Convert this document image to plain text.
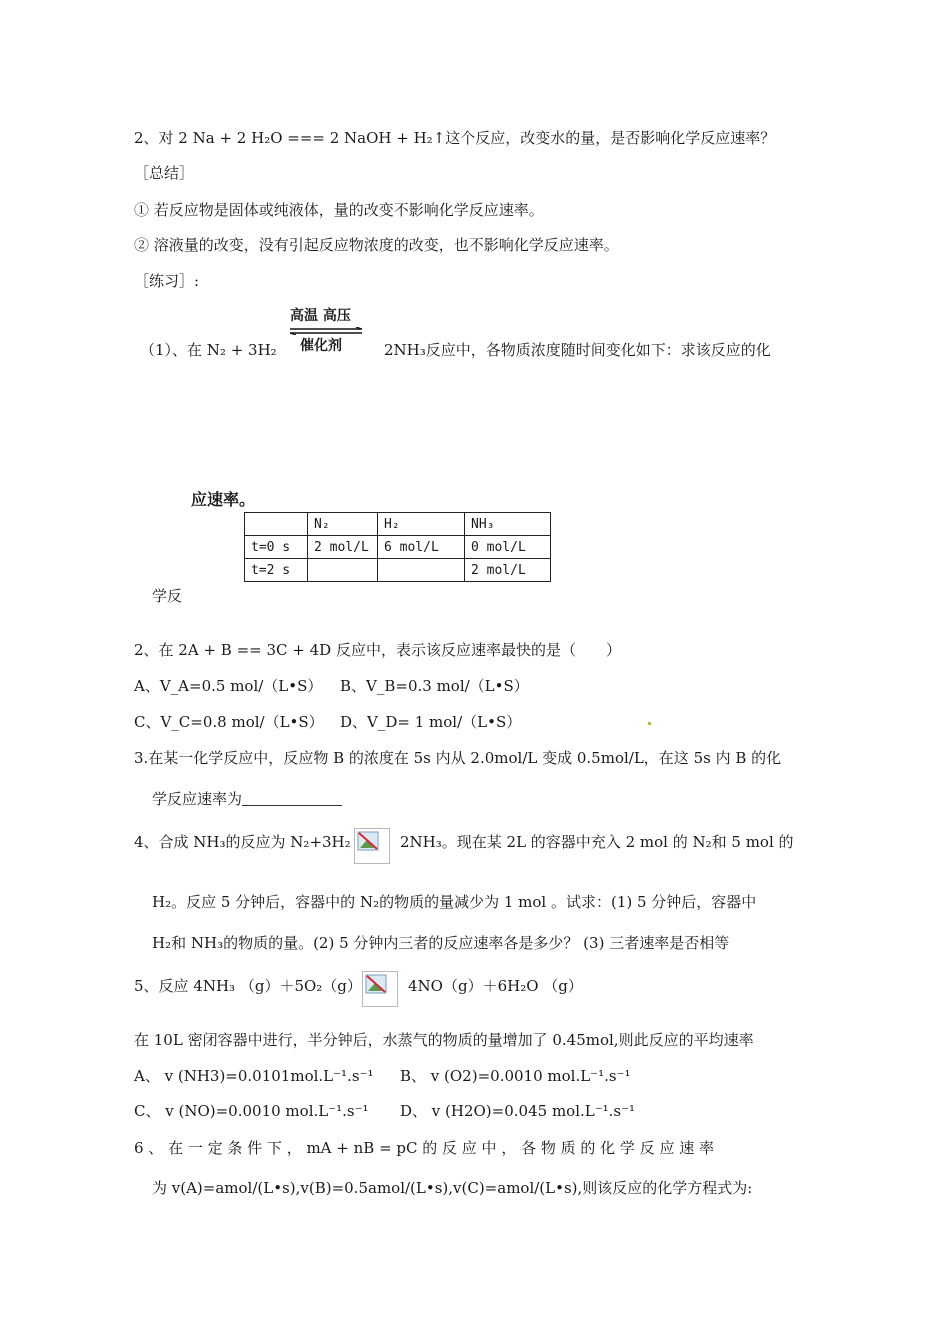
2、对 2 Na + 2 H₂O === 2 NaOH + H₂↑这个反应，改变水的量，是否影响化学反应速率？
［总结］
① 若反应物是固体或纯液体，量的改变不影响化学反应速率。
② 溶液量的改变，没有引起反应物浓度的改变，也不影响化学反应速率。
［练习］:
（1）、在 N₂ + 3H₂
高温 高压
催化剂	2NH₃反应中，各物质浓度随时间变化如下：求该反应的化
应速率。
	N₂	H₂	NH₃
t=0 s	2 mol/L	6 mol/L	0 mol/L
t=2 s			2 mol/L
学反
2、在 2A + B == 3C + 4D 反应中，表示该反应速率最快的是（　　）
A、V_A=0.5 mol/（L•S） B、V_B=0.3 mol/（L•S）
C、V_C=0.8 mol/（L•S） D、V_D= 1 mol/（L•S）
3.在某一化学反应中，反应物 B 的浓度在 5s 内从 2.0mol/L 变成 0.5mol/L，在这 5s 内 B 的化
学反应速率为
4、合成 NH₃的反应为 N₂+3H₂	2NH₃。现在某 2L 的容器中充入 2 mol 的 N₂和 5 mol 的
H₂。反应 5 分钟后，容器中的 N₂的物质的量减少为 1 mol 。试求：(1) 5 分钟后，容器中
H₂和 NH₃的物质的量。(2) 5 分钟内三者的反应速率各是多少？ (3) 三者速率是否相等
5、反应 4NH₃ （g）＋5O₂（g）	4NO（g）＋6H₂O （g）
在 10L 密闭容器中进行，半分钟后，水蒸气的物质的量增加了 0.45mol,则此反应的平均速率
A、 v (NH3)=0.0101mol.L⁻¹.s⁻¹ B、 v (O2)=0.0010 mol.L⁻¹.s⁻¹
C、 v (NO)=0.0010 mol.L⁻¹.s⁻¹ D、 v (H2O)=0.045 mol.L⁻¹.s⁻¹
6 、 在 一 定 条 件 下 ， mA + nB = pC 的 反 应 中 ， 各 物 质 的 化 学 反 应 速 率
为 v(A)=amol/(L•s),v(B)=0.5amol/(L•s),v(C)=amol/(L•s),则该反应的化学方程式为:
